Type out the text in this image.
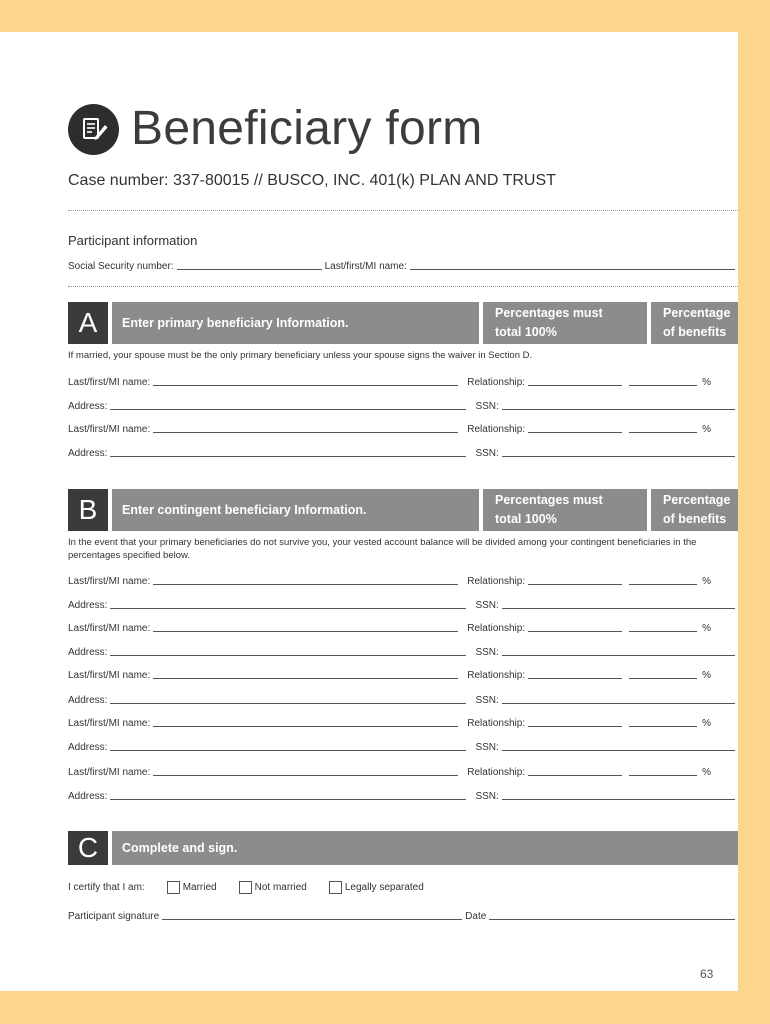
Beneficiary form
Case number: 337-80015 // BUSCO, INC. 401(k) PLAN AND TRUST
Participant information
Social Security number:	Last/first/MI name:
A	Enter primary beneficiary Information.
Percentages must
total 100%
Percentage
of benefits
If married, your spouse must be the only primary beneficiary unless your spouse signs the waiver in Section D.
Last/first/MI name:	Relationship:	%
Address:	SSN:
Last/first/MI name:	Relationship:	%
Address:	SSN:
B	Enter contingent beneficiary Information.
Percentages must
total 100%
Percentage
of benefits
In the event that your primary beneficiaries do not survive you, your vested account balance will be divided among your contingent beneficiaries in the percentages specified below.
Last/first/MI name:	Relationship:	%
Address:	SSN:
Last/first/MI name:	Relationship:	%
Address:	SSN:
Last/first/MI name:	Relationship:	%
Address:	SSN:
Last/first/MI name:	Relationship:	%
Address:	SSN:
Last/first/MI name:	Relationship:	%
Address:	SSN:
C	Complete and sign.
I certify that I am:	Married	Not married	Legally separated
Participant signature	Date
63
